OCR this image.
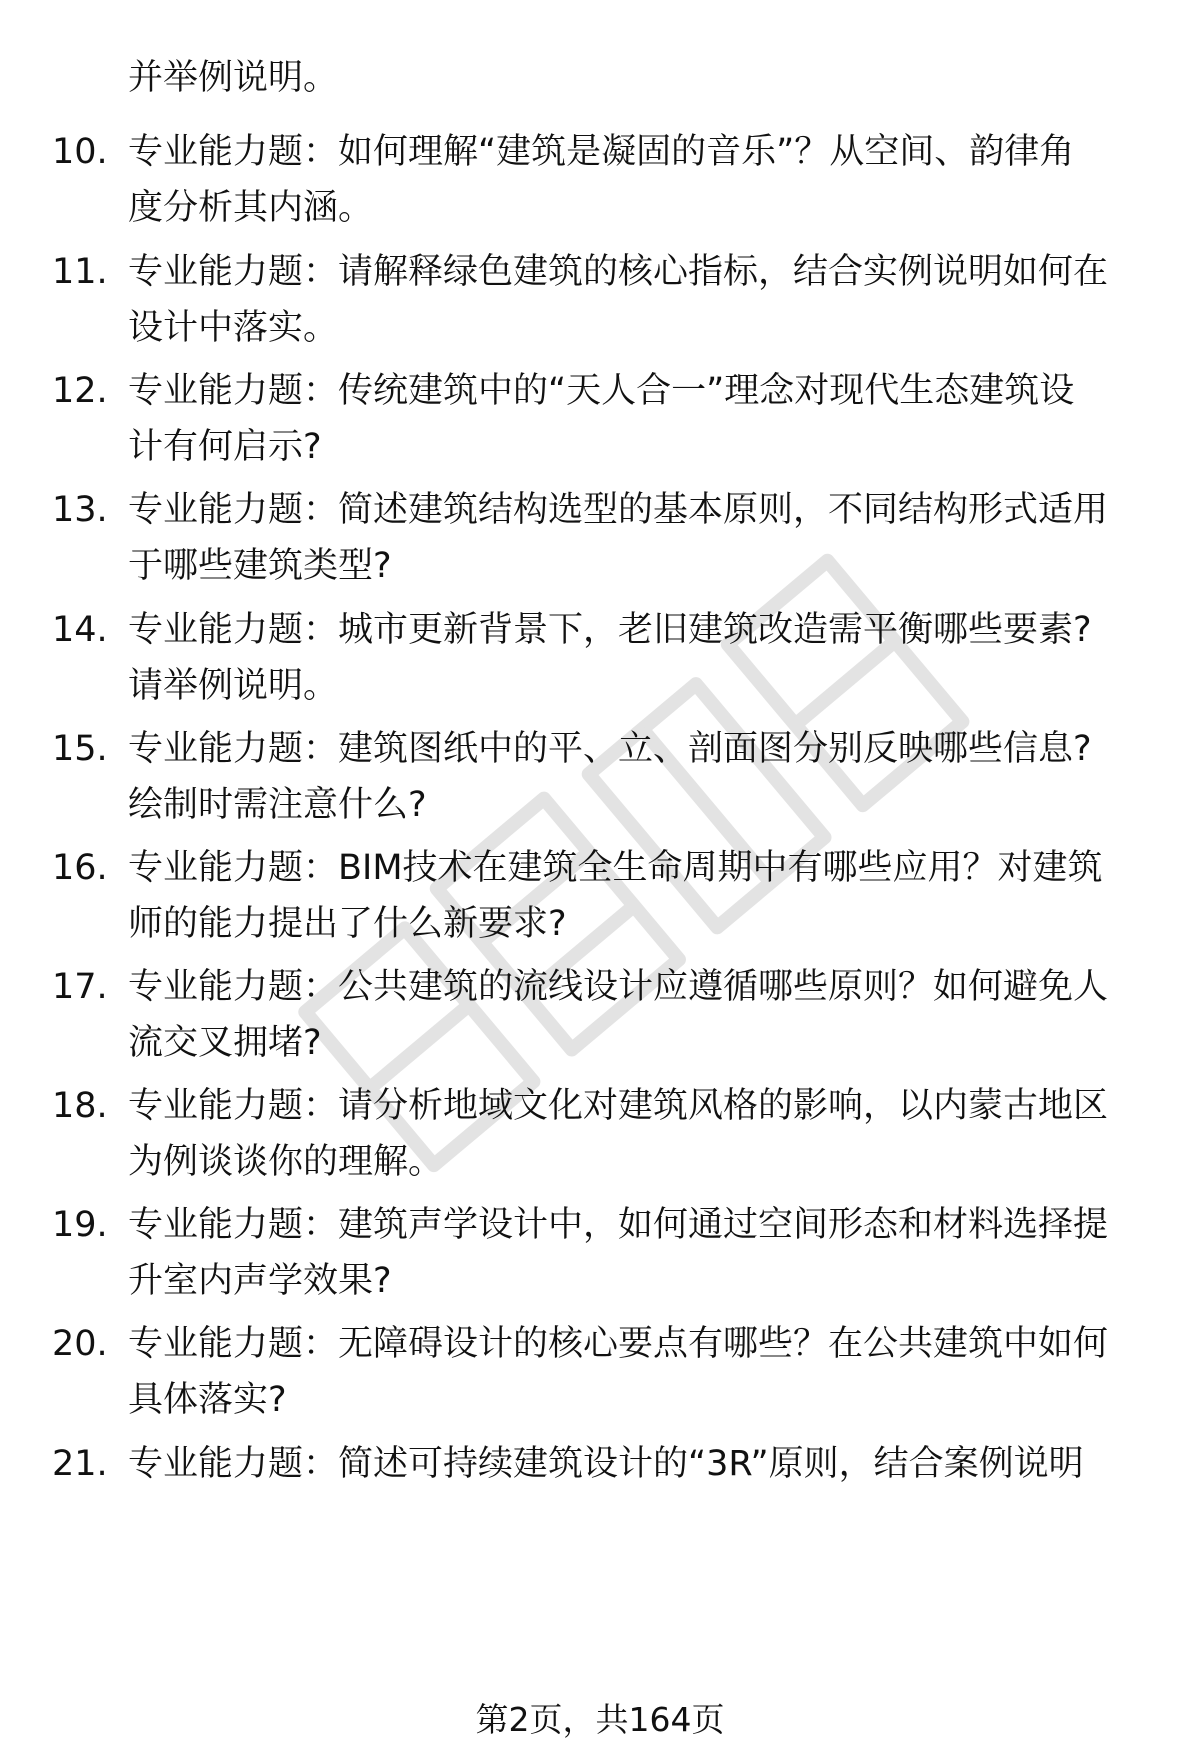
并举例说明。
10. 专业能力题：如何理解“建筑是凝固的音乐”？从空间、韵律角
度分析其内涵。
11. 专业能力题：请解释绿色建筑的核心指标，结合实例说明如何在
设计中落实。
12. 专业能力题：传统建筑中的“天人合一”理念对现代生态建筑设
计有何启示?
13. 专业能力题：简述建筑结构选型的基本原则，不同结构形式适用
于哪些建筑类型?
14. 专业能力题：城市更新背景下，老旧建筑改造需平衡哪些要素?
请举例说明。
15. 专业能力题：建筑图纸中的平、立、剖面图分别反映哪些信息?
绘制时需注意什么?
16. 专业能力题：BIM技术在建筑全生命周期中有哪些应用？对建筑
师的能力提出了什么新要求?
17. 专业能力题：公共建筑的流线设计应遵循哪些原则？如何避免人
流交叉拥堵?
18. 专业能力题：请分析地域文化对建筑风格的影响，以内蒙古地区
为例谈谈你的理解。
19. 专业能力题：建筑声学设计中，如何通过空间形态和材料选择提
升室内声学效果?
20. 专业能力题：无障碍设计的核心要点有哪些？在公共建筑中如何
具体落实?
21. 专业能力题：简述可持续建筑设计的“3R”原则，结合案例说明
第2页，共164页
